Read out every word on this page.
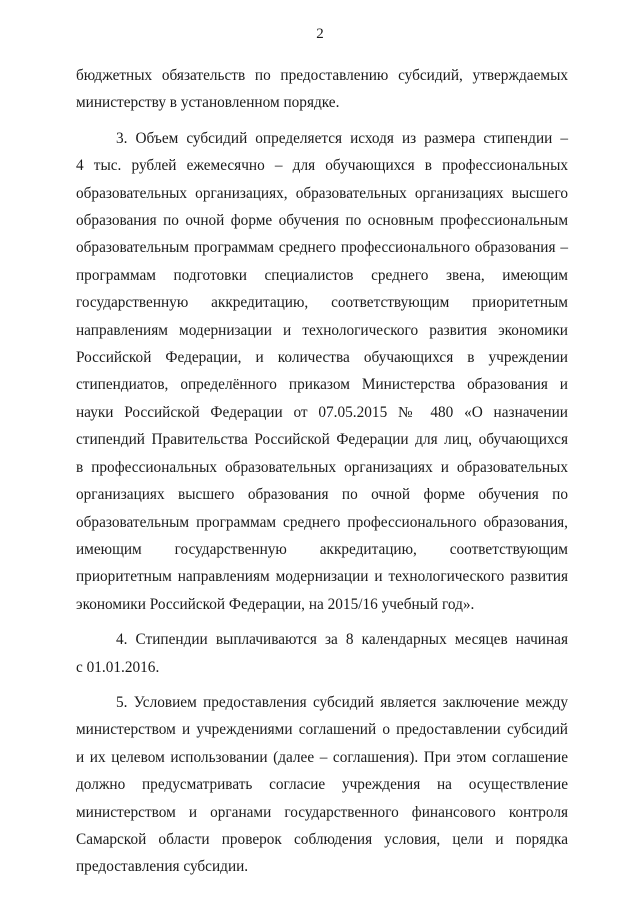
2

бюджетных обязательств по предоставлению субсидий, утверждаемых
министерству в установленном порядке.

3. Объем субсидий определяется исходя из размера стипендии –
4 тыс. рублей ежемесячно – для обучающихся в профессиональных
образовательных организациях, образовательных организациях высшего
образования по очной форме обучения по основным профессиональным
образовательным программам среднего профессионального образования –
программам подготовки специалистов среднего звена, имеющим
государственную аккредитацию, соответствующим приоритетным
направлениям модернизации и технологического развития экономики
Российской Федерации, и количества обучающихся в учреждении
стипендиатов, определённого приказом Министерства образования и
науки Российской Федерации от 07.05.2015 № 480 «О назначении
стипендий Правительства Российской Федерации для лиц, обучающихся
в профессиональных образовательных организациях и образовательных
организациях высшего образования по очной форме обучения по
образовательным программам среднего профессионального образования,
имеющим государственную аккредитацию, соответствующим
приоритетным направлениям модернизации и технологического развития
экономики Российской Федерации, на 2015/16 учебный год».

4. Стипендии выплачиваются за 8 календарных месяцев начиная
с 01.01.2016.

5. Условием предоставления субсидий является заключение между
министерством и учреждениями соглашений о предоставлении субсидий
и их целевом использовании (далее – соглашения). При этом соглашение
должно предусматривать согласие учреждения на осуществление
министерством и органами государственного финансового контроля
Самарской области проверок соблюдения условия, цели и порядка
предоставления субсидии.
